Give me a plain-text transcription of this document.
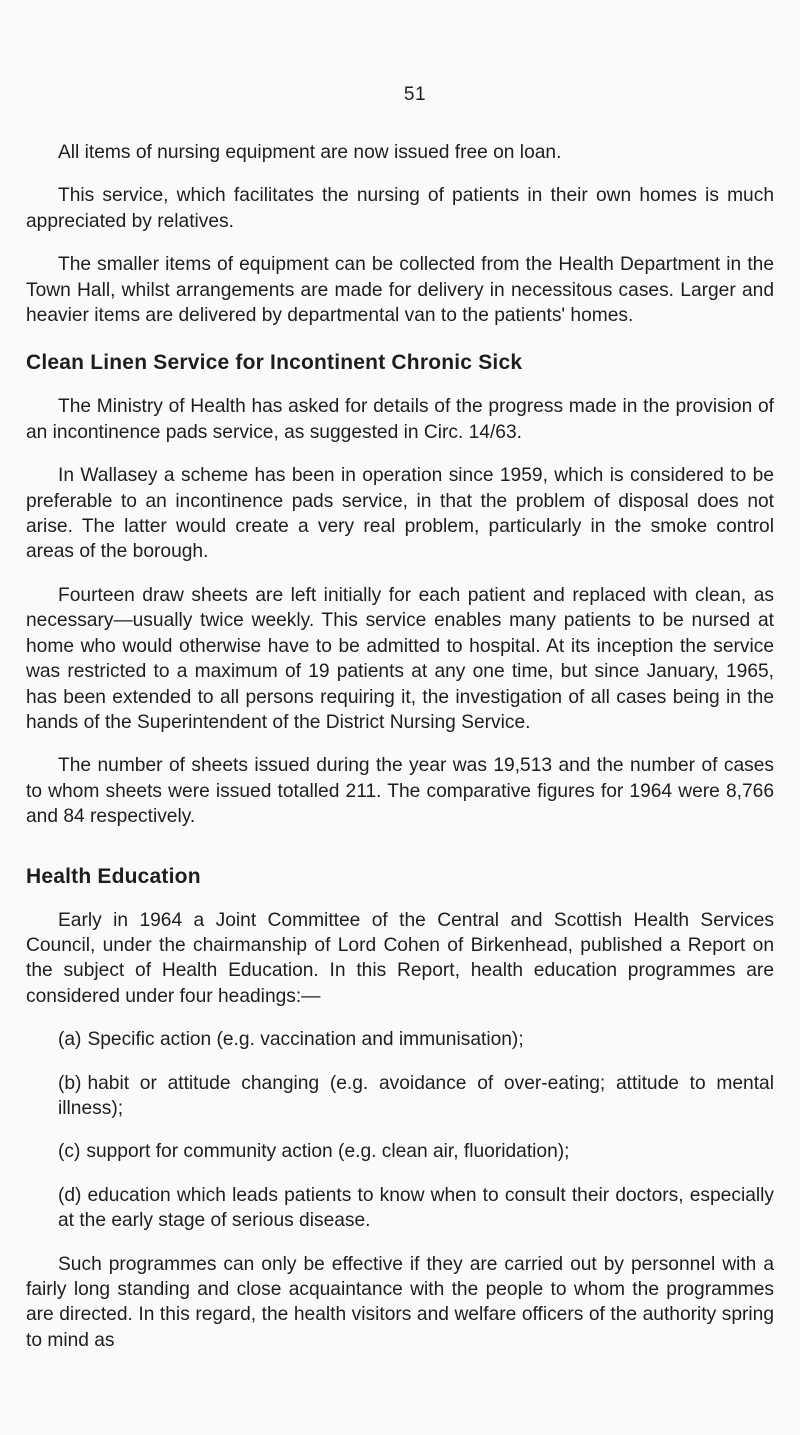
51

All items of nursing equipment are now issued free on loan.

This service, which facilitates the nursing of patients in their own homes is much appreciated by relatives.

The smaller items of equipment can be collected from the Health Department in the Town Hall, whilst arrangements are made for delivery in necessitous cases. Larger and heavier items are delivered by departmental van to the patients' homes.

Clean Linen Service for Incontinent Chronic Sick

The Ministry of Health has asked for details of the progress made in the provision of an incontinence pads service, as suggested in Circ. 14/63.

In Wallasey a scheme has been in operation since 1959, which is considered to be preferable to an incontinence pads service, in that the problem of disposal does not arise. The latter would create a very real problem, particularly in the smoke control areas of the borough.

Fourteen draw sheets are left initially for each patient and replaced with clean, as necessary—usually twice weekly. This service enables many patients to be nursed at home who would otherwise have to be admitted to hospital. At its inception the service was restricted to a maximum of 19 patients at any one time, but since January, 1965, has been extended to all persons requiring it, the investigation of all cases being in the hands of the Superintendent of the District Nursing Service.

The number of sheets issued during the year was 19,513 and the number of cases to whom sheets were issued totalled 211. The comparative figures for 1964 were 8,766 and 84 respectively.

Health Education

Early in 1964 a Joint Committee of the Central and Scottish Health Services Council, under the chairmanship of Lord Cohen of Birkenhead, published a Report on the subject of Health Education. In this Report, health education programmes are considered under four headings:—

(a) Specific action (e.g. vaccination and immunisation);

(b) habit or attitude changing (e.g. avoidance of over-eating; attitude to mental illness);

(c) support for community action (e.g. clean air, fluoridation);

(d) education which leads patients to know when to consult their doctors, especially at the early stage of serious disease.

Such programmes can only be effective if they are carried out by personnel with a fairly long standing and close acquaintance with the people to whom the programmes are directed. In this regard, the health visitors and welfare officers of the authority spring to mind as
